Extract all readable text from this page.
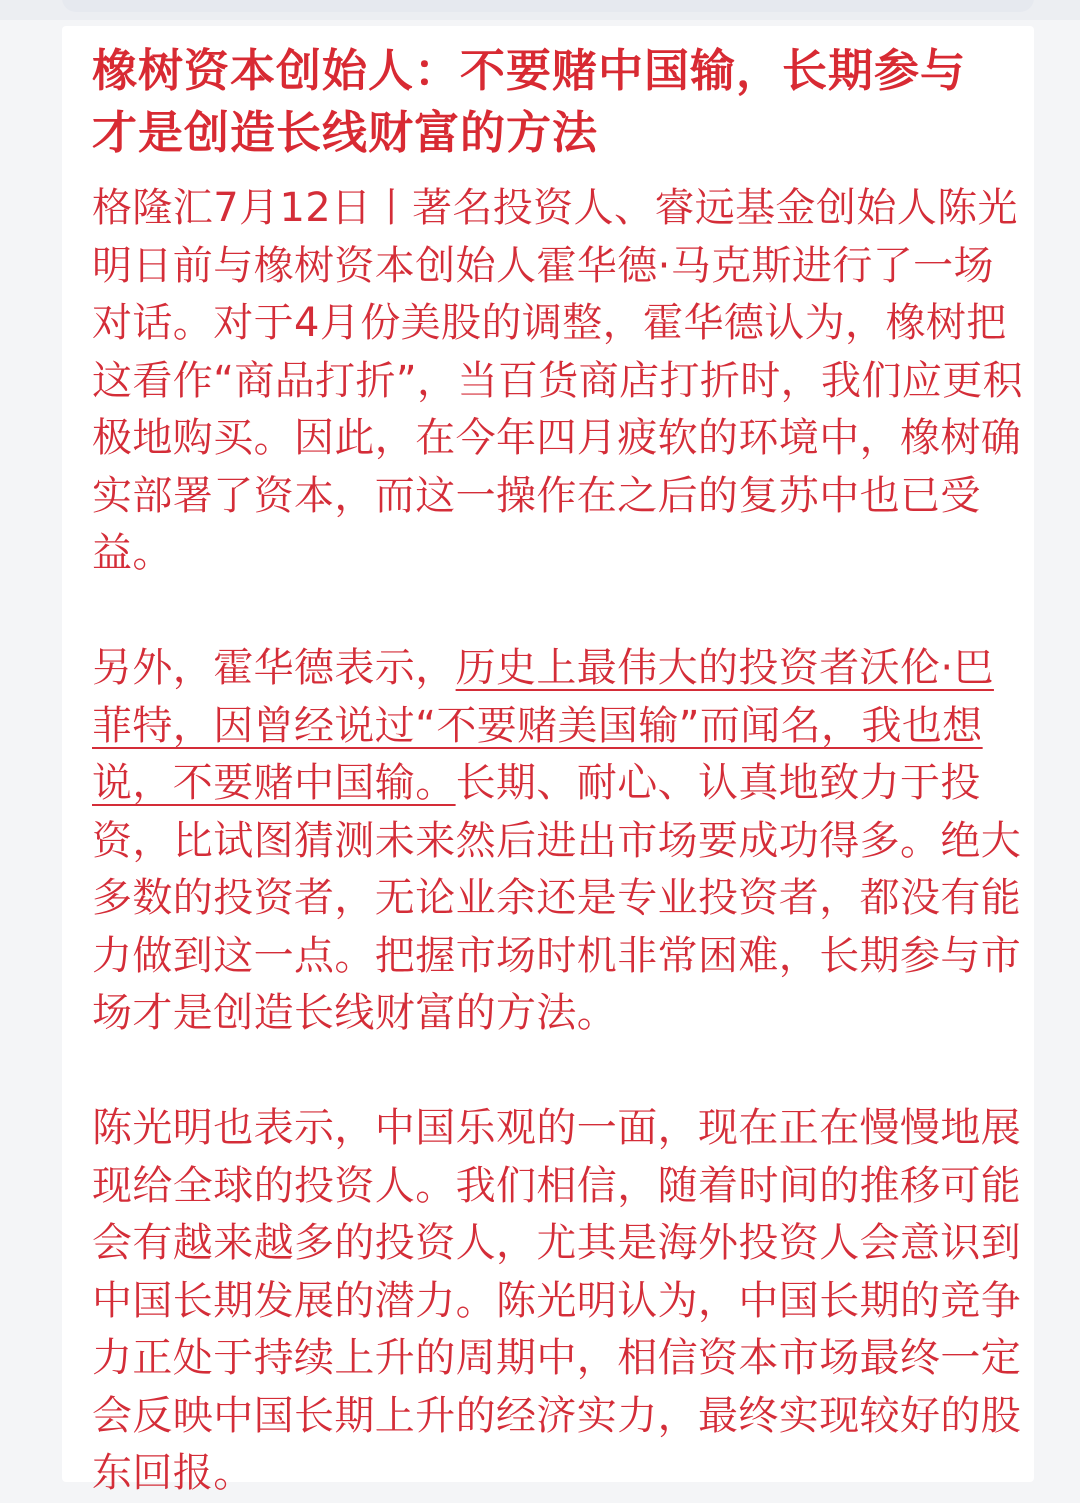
橡树资本创始人：不要赌中国输，长期参与才是创造长线财富的方法

格隆汇7月12日丨著名投资人、睿远基金创始人陈光明日前与橡树资本创始人霍华德·马克斯进行了一场对话。对于4月份美股的调整，霍华德认为，橡树把这看作“商品打折”，当百货商店打折时，我们应更积极地购买。因此，在今年四月疲软的环境中，橡树确实部署了资本，而这一操作在之后的复苏中也已受益。

另外，霍华德表示，历史上最伟大的投资者沃伦·巴菲特，因曾经说过“不要赌美国输”而闻名，我也想说，不要赌中国输。长期、耐心、认真地致力于投资，比试图猜测未来然后进出市场要成功得多。绝大多数的投资者，无论业余还是专业投资者，都没有能力做到这一点。把握市场时机非常困难，长期参与市场才是创造长线财富的方法。

陈光明也表示，中国乐观的一面，现在正在慢慢地展现给全球的投资人。我们相信，随着时间的推移可能会有越来越多的投资人，尤其是海外投资人会意识到中国长期发展的潜力。陈光明认为，中国长期的竞争力正处于持续上升的周期中，相信资本市场最终一定会反映中国长期上升的经济实力，最终实现较好的股东回报。
